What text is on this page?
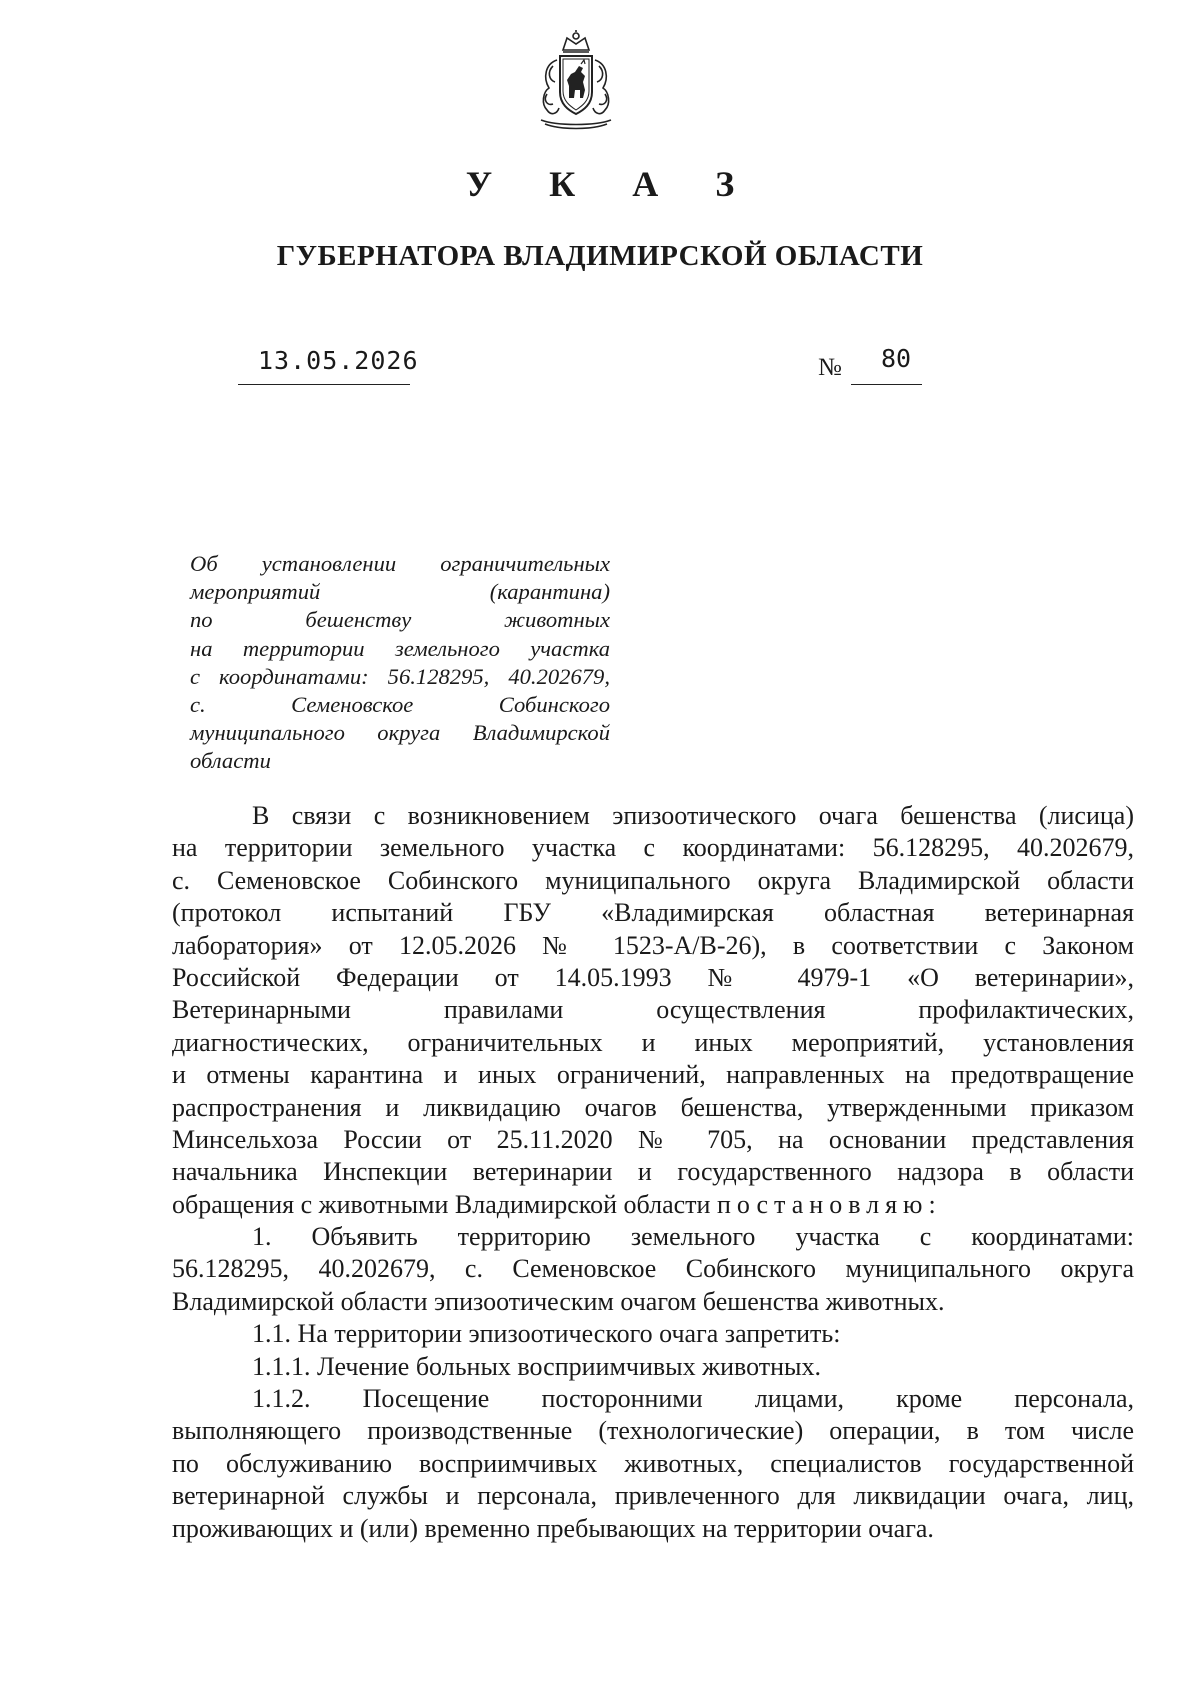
У К А З
ГУБЕРНАТОРА ВЛАДИМИРСКОЙ ОБЛАСТИ
13.05.2026	№ 80
Об установлении ограничительных
мероприятий (карантина)
по бешенству животных
на территории земельного участка
с координатами: 56.128295, 40.202679,
с. Семеновское Собинского
муниципального округа Владимирской
области
В связи с возникновением эпизоотического очага бешенства (лисица)
на территории земельного участка с координатами: 56.128295, 40.202679,
с. Семеновское Собинского муниципального округа Владимирской области
(протокол испытаний ГБУ «Владимирская областная ветеринарная
лаборатория» от 12.05.2026 № 1523-А/В-26), в соответствии с Законом
Российской Федерации от 14.05.1993 № 4979-1 «О ветеринарии»,
Ветеринарными правилами осуществления профилактических,
диагностических, ограничительных и иных мероприятий, установления
и отмены карантина и иных ограничений, направленных на предотвращение
распространения и ликвидацию очагов бешенства, утвержденными приказом
Минсельхоза России от 25.11.2020 № 705, на основании представления
начальника Инспекции ветеринарии и государственного надзора в области
обращения с животными Владимирской области постановляю:
1. Объявить территорию земельного участка с координатами:
56.128295, 40.202679, с. Семеновское Собинского муниципального округа
Владимирской области эпизоотическим очагом бешенства животных.
1.1. На территории эпизоотического очага запретить:
1.1.1. Лечение больных восприимчивых животных.
1.1.2. Посещение посторонними лицами, кроме персонала,
выполняющего производственные (технологические) операции, в том числе
по обслуживанию восприимчивых животных, специалистов государственной
ветеринарной службы и персонала, привлеченного для ликвидации очага, лиц,
проживающих и (или) временно пребывающих на территории очага.
